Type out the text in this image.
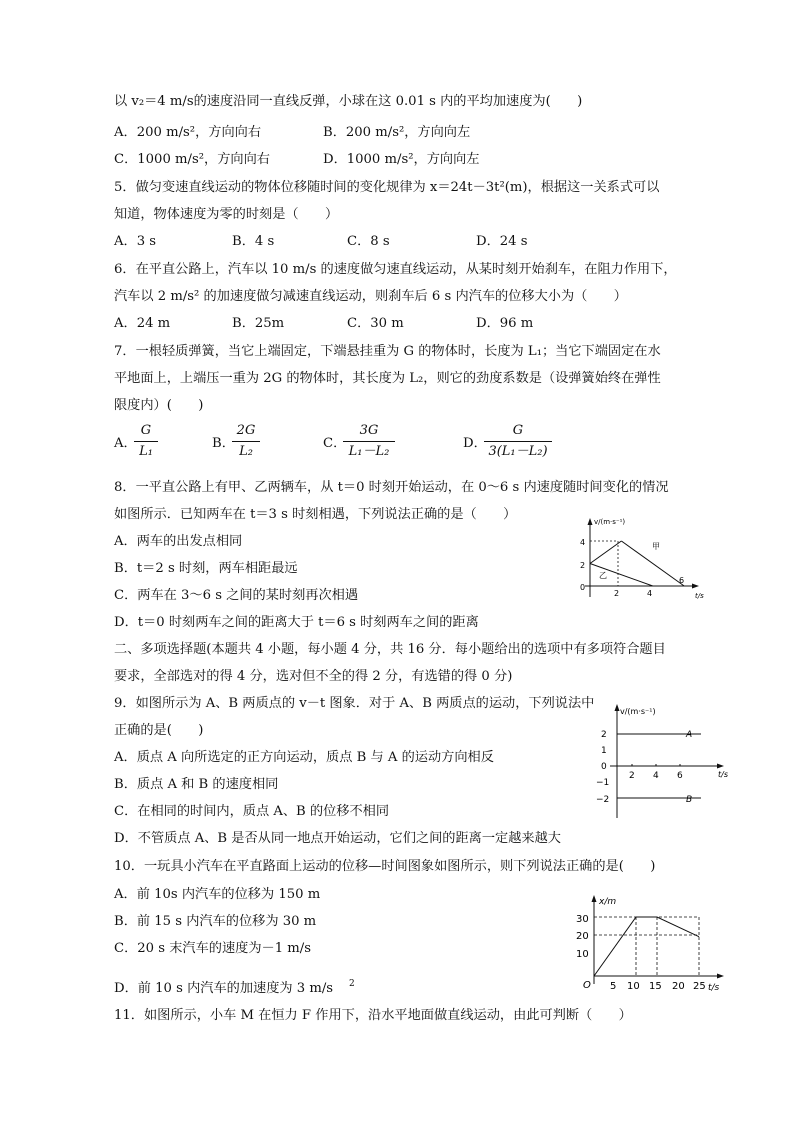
以 v₂＝4 m/s的速度沿同一直线反弹，小球在这 0.01 s 内的平均加速度为(　　)
A．200 m/s²，方向向右	B．200 m/s²，方向向左
C．1000 m/s²，方向向右	D．1000 m/s²，方向向左
5．做匀变速直线运动的物体位移随时间的变化规律为 x＝24t－3t²(m)，根据这一关系式可以
知道，物体速度为零的时刻是（　　）
A．3 s	B．4 s	C．8 s	D．24 s
6．在平直公路上，汽车以 10 m/s 的速度做匀速直线运动，从某时刻开始刹车，在阻力作用下，
汽车以 2 m/s² 的加速度做匀减速直线运动，则刹车后 6 s 内汽车的位移大小为（　　）
A．24 m	B．25m	C．30 m	D．96 m
7．一根轻质弹簧，当它上端固定，下端悬挂重为 G 的物体时，长度为 L₁；当它下端固定在水
平地面上，上端压一重为 2G 的物体时，其长度为 L₂，则它的劲度系数是（设弹簧始终在弹性
限度内）(　　)
A．
G
L₁
B．
2G
L₂
C．
3G
L₁－L₂
D．
G
3(L₁－L₂)
8．一平直公路上有甲、乙两辆车，从 t＝0 时刻开始运动，在 0～6 s 内速度随时间变化的情况
如图所示．已知两车在 t＝3 s 时刻相遇，下列说法正确的是（　　）
A．两车的出发点相同
B．t＝2 s 时刻，两车相距最远
C．两车在 3～6 s 之间的某时刻再次相遇
D．t＝0 时刻两车之间的距离大于 t＝6 s 时刻两车之间的距离
v/(m·s⁻¹)
t/s
4
2
0
2	4
6
甲
乙
二、多项选择题(本题共 4 小题，每小题 4 分，共 16 分．每小题给出的选项中有多项符合题目
要求，全部选对的得 4 分，选对但不全的得 2 分，有选错的得 0 分)
9．如图所示为 A、B 两质点的 v－t 图象．对于 A、B 两质点的运动，下列说法中
正确的是(　　)
A．质点 A 向所选定的正方向运动，质点 B 与 A 的运动方向相反
B．质点 A 和 B 的速度相同
C．在相同的时间内，质点 A、B 的位移不相同
D．不管质点 A、B 是否从同一地点开始运动，它们之间的距离一定越来越大
v/(m·s⁻¹)
t/s
2
1
0
−1
−2
2 4 6
A
B
10．一玩具小汽车在平直路面上运动的位移—时间图象如图所示，则下列说法正确的是(　　)
A．前 10s 内汽车的位移为 150 m
B．前 15 s 内汽车的位移为 30 m
C．20 s 末汽车的速度为－1 m/s
D．前 10 s 内汽车的加速度为 3 m/s 2
11．如图所示，小车 M 在恒力 F 作用下，沿水平地面做直线运动，由此可判断（　　）
x/m
t/s
O
30
20
10
5 10 15 20 25
